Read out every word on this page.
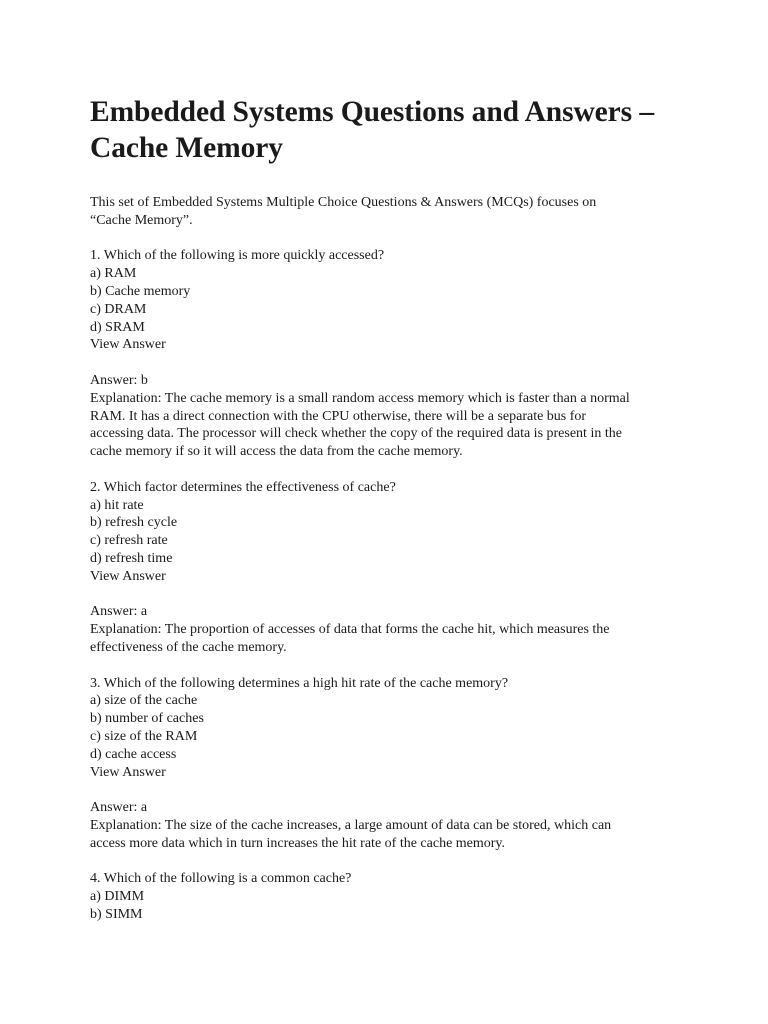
Embedded Systems Questions and Answers –
Cache Memory
This set of Embedded Systems Multiple Choice Questions & Answers (MCQs) focuses on
“Cache Memory”.
1. Which of the following is more quickly accessed?
a) RAM
b) Cache memory
c) DRAM
d) SRAM
View Answer
Answer: b
Explanation: The cache memory is a small random access memory which is faster than a normal
RAM. It has a direct connection with the CPU otherwise, there will be a separate bus for
accessing data. The processor will check whether the copy of the required data is present in the
cache memory if so it will access the data from the cache memory.
2. Which factor determines the effectiveness of cache?
a) hit rate
b) refresh cycle
c) refresh rate
d) refresh time
View Answer
Answer: a
Explanation: The proportion of accesses of data that forms the cache hit, which measures the
effectiveness of the cache memory.
3. Which of the following determines a high hit rate of the cache memory?
a) size of the cache
b) number of caches
c) size of the RAM
d) cache access
View Answer
Answer: a
Explanation: The size of the cache increases, a large amount of data can be stored, which can
access more data which in turn increases the hit rate of the cache memory.
4. Which of the following is a common cache?
a) DIMM
b) SIMM
